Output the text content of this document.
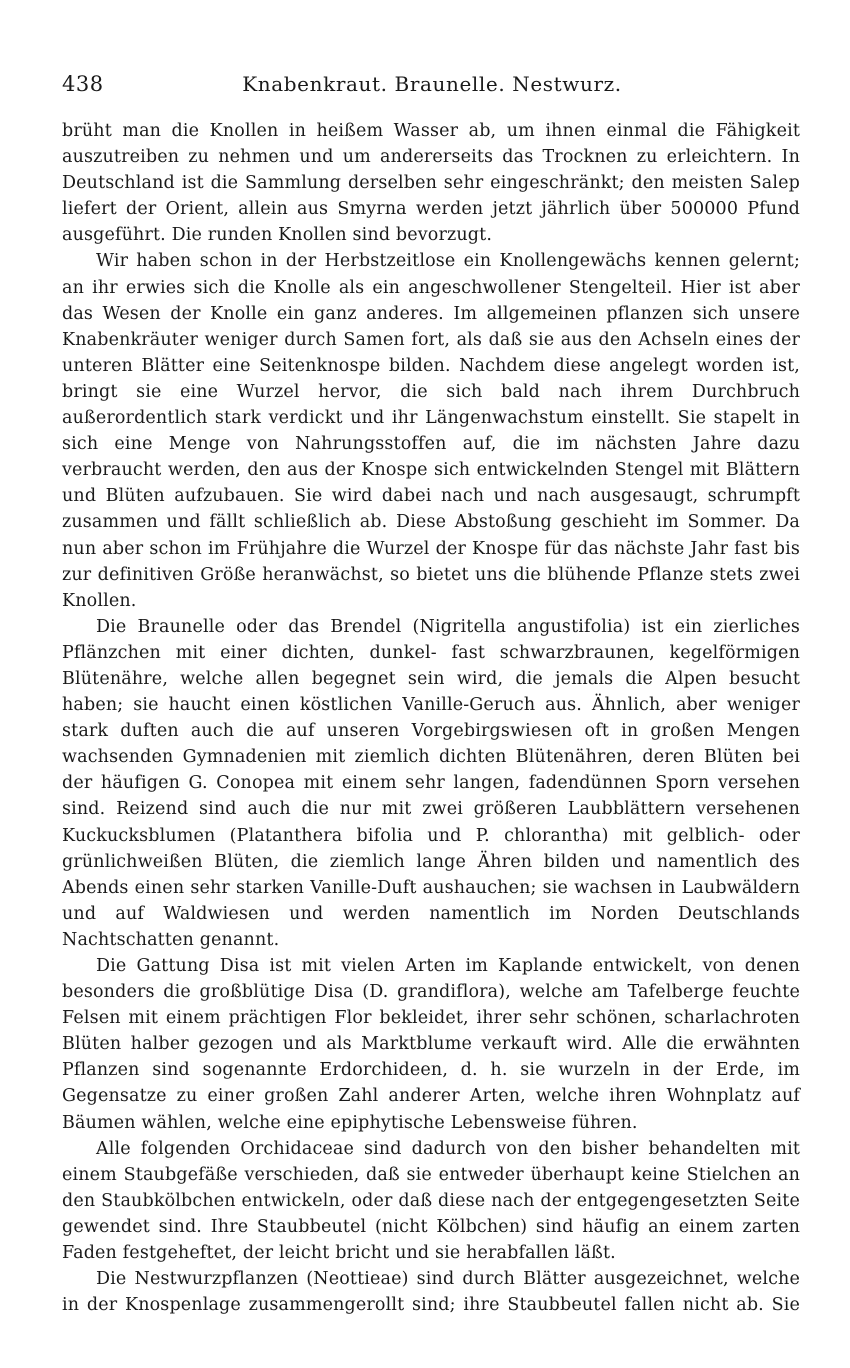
438	Knabenkraut. Braunelle. Nestwurz.

brüht man die Knollen in heißem Wasser ab, um ihnen einmal die Fähigkeit auszutreiben zu nehmen und um andererseits das Trocknen zu erleichtern. In Deutschland ist die Sammlung derselben sehr eingeschränkt; den meisten Salep liefert der Orient, allein aus Smyrna werden jetzt jährlich über 500000 Pfund ausgeführt. Die runden Knollen sind bevorzugt.

Wir haben schon in der Herbstzeitlose ein Knollengewächs kennen gelernt; an ihr erwies sich die Knolle als ein angeschwollener Stengelteil. Hier ist aber das Wesen der Knolle ein ganz anderes. Im allgemeinen pflanzen sich unsere Knabenkräuter weniger durch Samen fort, als daß sie aus den Achseln eines der unteren Blätter eine Seitenknospe bilden. Nachdem diese angelegt worden ist, bringt sie eine Wurzel hervor, die sich bald nach ihrem Durchbruch außerordentlich stark verdickt und ihr Längenwachstum einstellt. Sie stapelt in sich eine Menge von Nahrungsstoffen auf, die im nächsten Jahre dazu verbraucht werden, den aus der Knospe sich entwickelnden Stengel mit Blättern und Blüten aufzubauen. Sie wird dabei nach und nach ausgesaugt, schrumpft zusammen und fällt schließlich ab. Diese Abstoßung geschieht im Sommer. Da nun aber schon im Frühjahre die Wurzel der Knospe für das nächste Jahr fast bis zur definitiven Größe heranwächst, so bietet uns die blühende Pflanze stets zwei Knollen.

Die Braunelle oder das Brendel (Nigritella angustifolia) ist ein zierliches Pflänzchen mit einer dichten, dunkel- fast schwarzbraunen, kegelförmigen Blütenähre, welche allen begegnet sein wird, die jemals die Alpen besucht haben; sie haucht einen köstlichen Vanille-Geruch aus. Ähnlich, aber weniger stark duften auch die auf unseren Vorgebirgswiesen oft in großen Mengen wachsenden Gymnadenien mit ziemlich dichten Blütenähren, deren Blüten bei der häufigen G. Conopea mit einem sehr langen, fadendünnen Sporn versehen sind. Reizend sind auch die nur mit zwei größeren Laubblättern versehenen Kuckucksblumen (Platanthera bifolia und P. chlorantha) mit gelblich- oder grünlichweißen Blüten, die ziemlich lange Ähren bilden und namentlich des Abends einen sehr starken Vanille-Duft aushauchen; sie wachsen in Laubwäldern und auf Waldwiesen und werden namentlich im Norden Deutschlands Nachtschatten genannt.

Die Gattung Disa ist mit vielen Arten im Kaplande entwickelt, von denen besonders die großblütige Disa (D. grandiflora), welche am Tafelberge feuchte Felsen mit einem prächtigen Flor bekleidet, ihrer sehr schönen, scharlachroten Blüten halber gezogen und als Marktblume verkauft wird. Alle die erwähnten Pflanzen sind sogenannte Erdorchideen, d. h. sie wurzeln in der Erde, im Gegensatze zu einer großen Zahl anderer Arten, welche ihren Wohnplatz auf Bäumen wählen, welche eine epiphytische Lebensweise führen.

Alle folgenden Orchidaceae sind dadurch von den bisher behandelten mit einem Staubgefäße verschieden, daß sie entweder überhaupt keine Stielchen an den Staubkölbchen entwickeln, oder daß diese nach der entgegengesetzten Seite gewendet sind. Ihre Staubbeutel (nicht Kölbchen) sind häufig an einem zarten Faden festgeheftet, der leicht bricht und sie herabfallen läßt.

Die Nestwurzpflanzen (Neottieae) sind durch Blätter ausgezeichnet, welche in der Knospenlage zusammengerollt sind; ihre Staubbeutel fallen nicht ab. Sie
